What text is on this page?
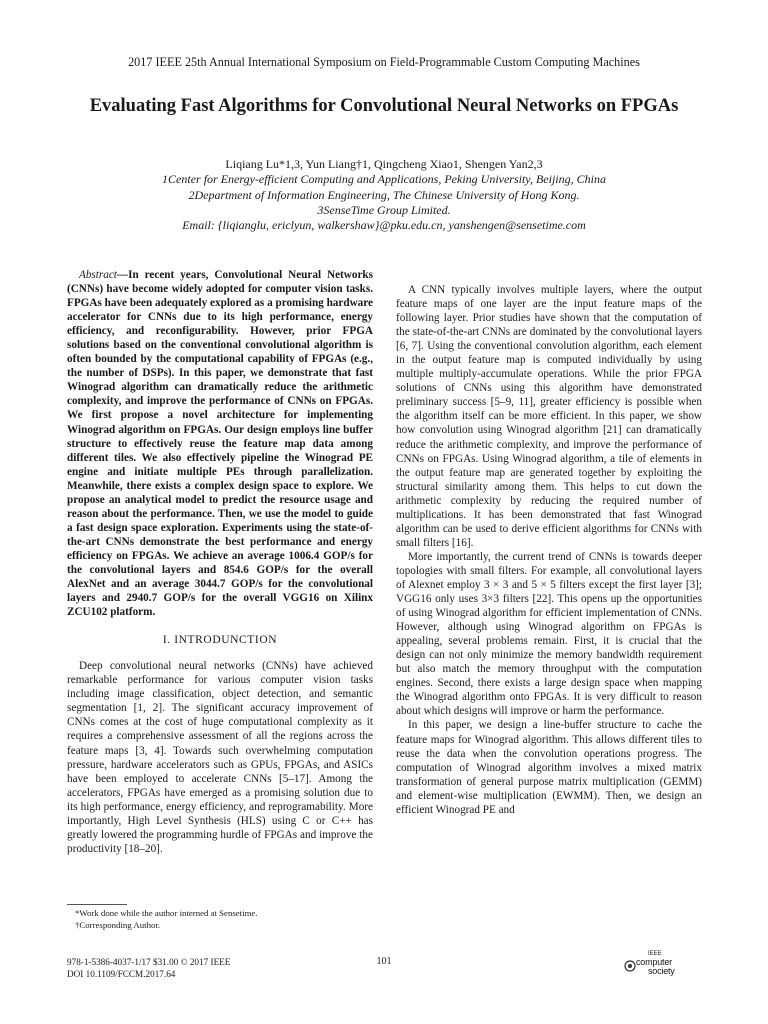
2017 IEEE 25th Annual International Symposium on Field-Programmable Custom Computing Machines
Evaluating Fast Algorithms for Convolutional Neural Networks on FPGAs
Liqiang Lu*1,3, Yun Liang†1, Qingcheng Xiao1, Shengen Yan2,3
1Center for Energy-efficient Computing and Applications, Peking University, Beijing, China
2Department of Information Engineering, The Chinese University of Hong Kong.
3SenseTime Group Limited.
Email: {liqianglu, ericlyun, walkershaw}@pku.edu.cn, yanshengen@sensetime.com

Abstract—In recent years, Convolutional Neural Networks (CNNs) have become widely adopted for computer vision tasks. FPGAs have been adequately explored as a promising hardware accelerator for CNNs due to its high performance, energy efficiency, and reconfigurability. However, prior FPGA solutions based on the conventional convolutional algorithm is often bounded by the computational capability of FPGAs (e.g., the number of DSPs). In this paper, we demonstrate that fast Winograd algorithm can dramatically reduce the arithmetic complexity, and improve the performance of CNNs on FPGAs. We first propose a novel architecture for implementing Winograd algorithm on FPGAs. Our design employs line buffer structure to effectively reuse the feature map data among different tiles. We also effectively pipeline the Winograd PE engine and initiate multiple PEs through parallelization. Meanwhile, there exists a complex design space to explore. We propose an analytical model to predict the resource usage and reason about the performance. Then, we use the model to guide a fast design space exploration. Experiments using the state-of-the-art CNNs demonstrate the best performance and energy efficiency on FPGAs. We achieve an average 1006.4 GOP/s for the convolutional layers and 854.6 GOP/s for the overall AlexNet and an average 3044.7 GOP/s for the convolutional layers and 2940.7 GOP/s for the overall VGG16 on Xilinx ZCU102 platform.

I. INTRODUNCTION

Deep convolutional neural networks (CNNs) have achieved remarkable performance for various computer vision tasks including image classification, object detection, and semantic segmentation [1, 2]. The significant accuracy improvement of CNNs comes at the cost of huge computational complexity as it requires a comprehensive assessment of all the regions across the feature maps [3, 4]. Towards such overwhelming computation pressure, hardware accelerators such as GPUs, FPGAs, and ASICs have been employed to accelerate CNNs [5–17]. Among the accelerators, FPGAs have emerged as a promising solution due to its high performance, energy efficiency, and reprogramability. More importantly, High Level Synthesis (HLS) using C or C++ has greatly lowered the programming hurdle of FPGAs and improve the productivity [18–20].

A CNN typically involves multiple layers, where the output feature maps of one layer are the input feature maps of the following layer. Prior studies have shown that the computation of the state-of-the-art CNNs are dominated by the convolutional layers [6, 7]. Using the conventional convolution algorithm, each element in the output feature map is computed individually by using multiple multiply-accumulate operations. While the prior FPGA solutions of CNNs using this algorithm have demonstrated preliminary success [5–9, 11], greater efficiency is possible when the algorithm itself can be more efficient. In this paper, we show how convolution using Winograd algorithm [21] can dramatically reduce the arithmetic complexity, and improve the performance of CNNs on FPGAs. Using Winograd algorithm, a tile of elements in the output feature map are generated together by exploiting the structural similarity among them. This helps to cut down the arithmetic complexity by reducing the required number of multiplications. It has been demonstrated that fast Winograd algorithm can be used to derive efficient algorithms for CNNs with small filters [16].

More importantly, the current trend of CNNs is towards deeper topologies with small filters. For example, all convolutional layers of Alexnet employ 3 × 3 and 5 × 5 filters except the first layer [3]; VGG16 only uses 3×3 filters [22]. This opens up the opportunities of using Winograd algorithm for efficient implementation of CNNs. However, although using Winograd algorithm on FPGAs is appealing, several problems remain. First, it is crucial that the design can not only minimize the memory bandwidth requirement but also match the memory throughput with the computation engines. Second, there exists a large design space when mapping the Winograd algorithm onto FPGAs. It is very difficult to reason about which designs will improve or harm the performance.

In this paper, we design a line-buffer structure to cache the feature maps for Winograd algorithm. This allows different tiles to reuse the data when the convolution operations progress. The computation of Winograd algorithm involves a mixed matrix transformation of general purpose matrix multiplication (GEMM) and element-wise multiplication (EWMM). Then, we design an efficient Winograd PE and

*Work done while the author interned at Sensetime.

†Corresponding Author.

978-1-5386-4037-1/17 $31.00 © 2017 IEEE
DOI 10.1109/FCCM.2017.64
101
IEEE
computer
society
